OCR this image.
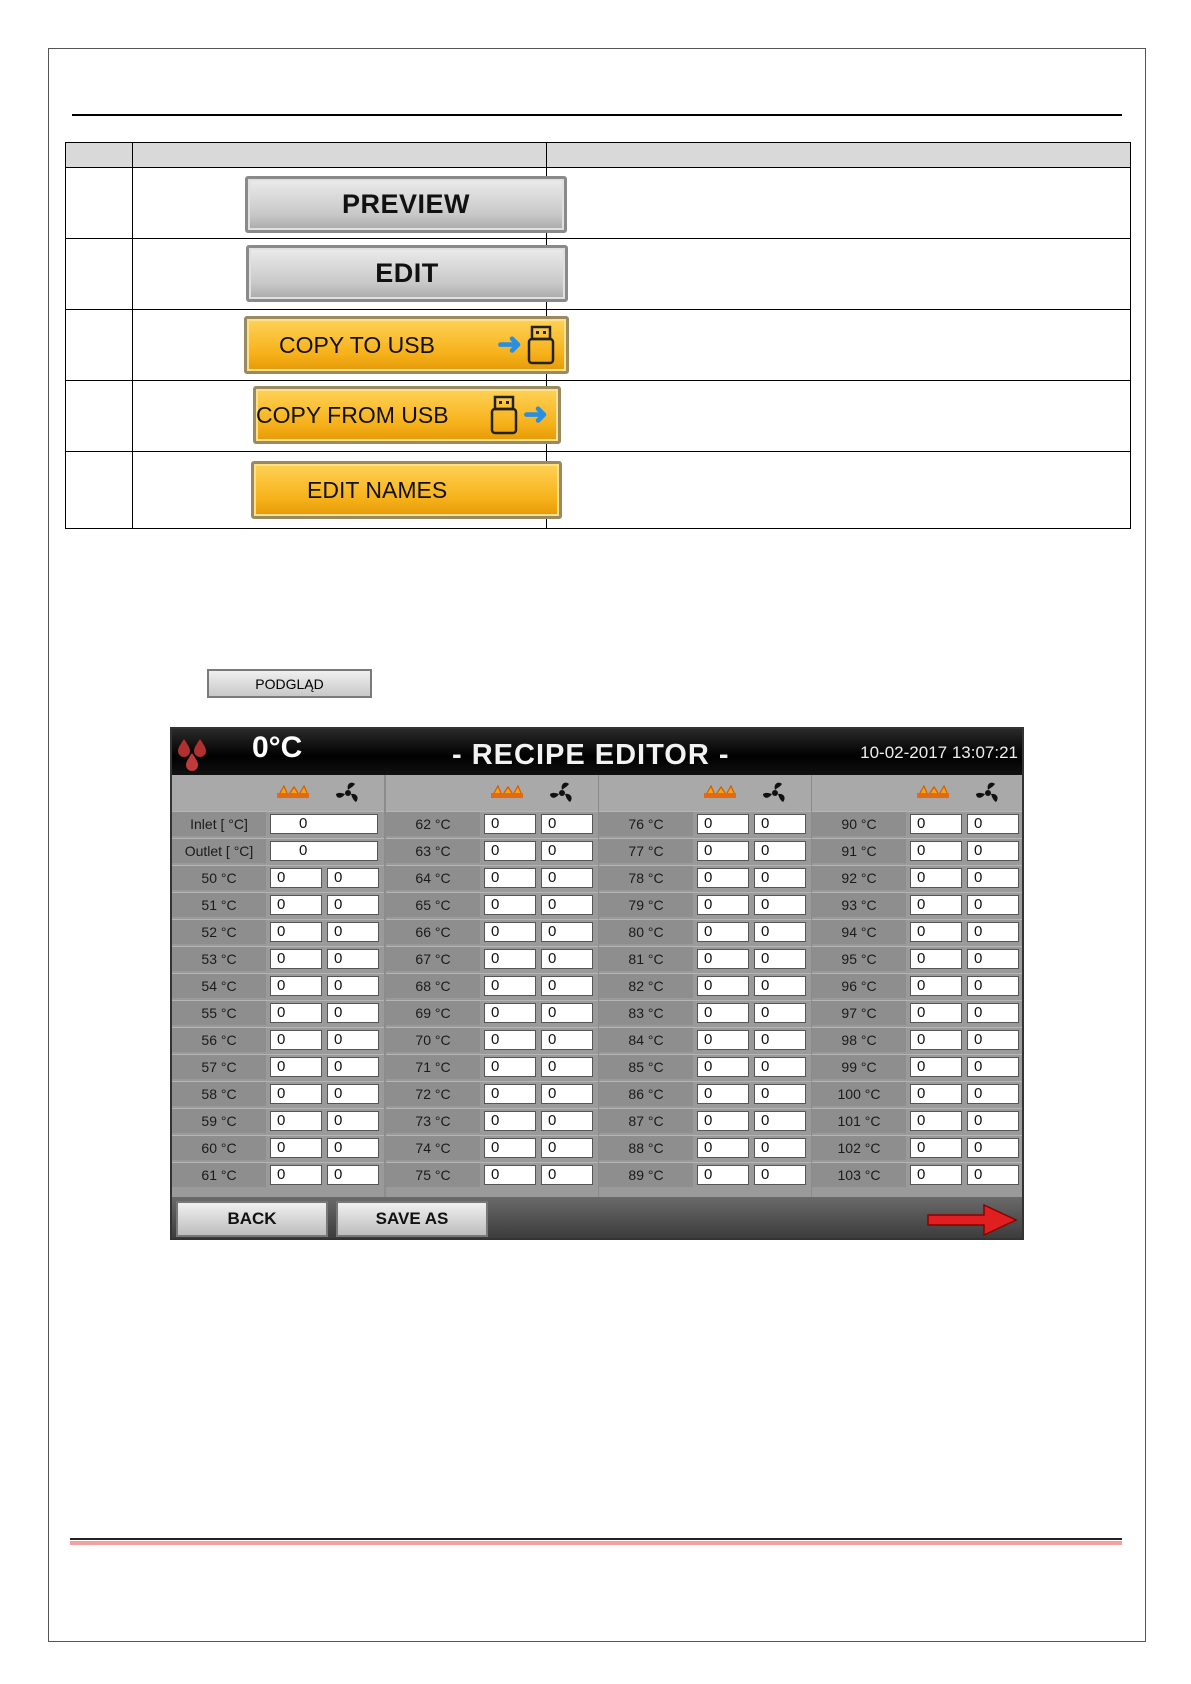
PREVIEW	

EDIT	

	COPY TO USB ➜	

	COPY FROM USB ➜	

EDIT NAMES	

PODGLĄD
0°C	- RECIPE EDITOR -	10-02-2017 13:07:21
Inlet [ °C]	0
Outlet [ °C]	0
50 °C	0	0
51 °C	0	0
52 °C	0	0
53 °C	0	0
54 °C	0	0
55 °C	0	0
56 °C	0	0
57 °C	0	0
58 °C	0	0
59 °C	0	0
60 °C	0	0
61 °C	0	0
62 °C	0	0
63 °C	0	0
64 °C	0	0
65 °C	0	0
66 °C	0	0
67 °C	0	0
68 °C	0	0
69 °C	0	0
70 °C	0	0
71 °C	0	0
72 °C	0	0
73 °C	0	0
74 °C	0	0
75 °C	0	0
76 °C	0	0
77 °C	0	0
78 °C	0	0
79 °C	0	0
80 °C	0	0
81 °C	0	0
82 °C	0	0
83 °C	0	0
84 °C	0	0
85 °C	0	0
86 °C	0	0
87 °C	0	0
88 °C	0	0
89 °C	0	0
90 °C	0	0
91 °C	0	0
92 °C	0	0
93 °C	0	0
94 °C	0	0
95 °C	0	0
96 °C	0	0
97 °C	0	0
98 °C	0	0
99 °C	0	0
100 °C	0	0
101 °C	0	0
102 °C	0	0
103 °C	0	0
BACK	SAVE AS
